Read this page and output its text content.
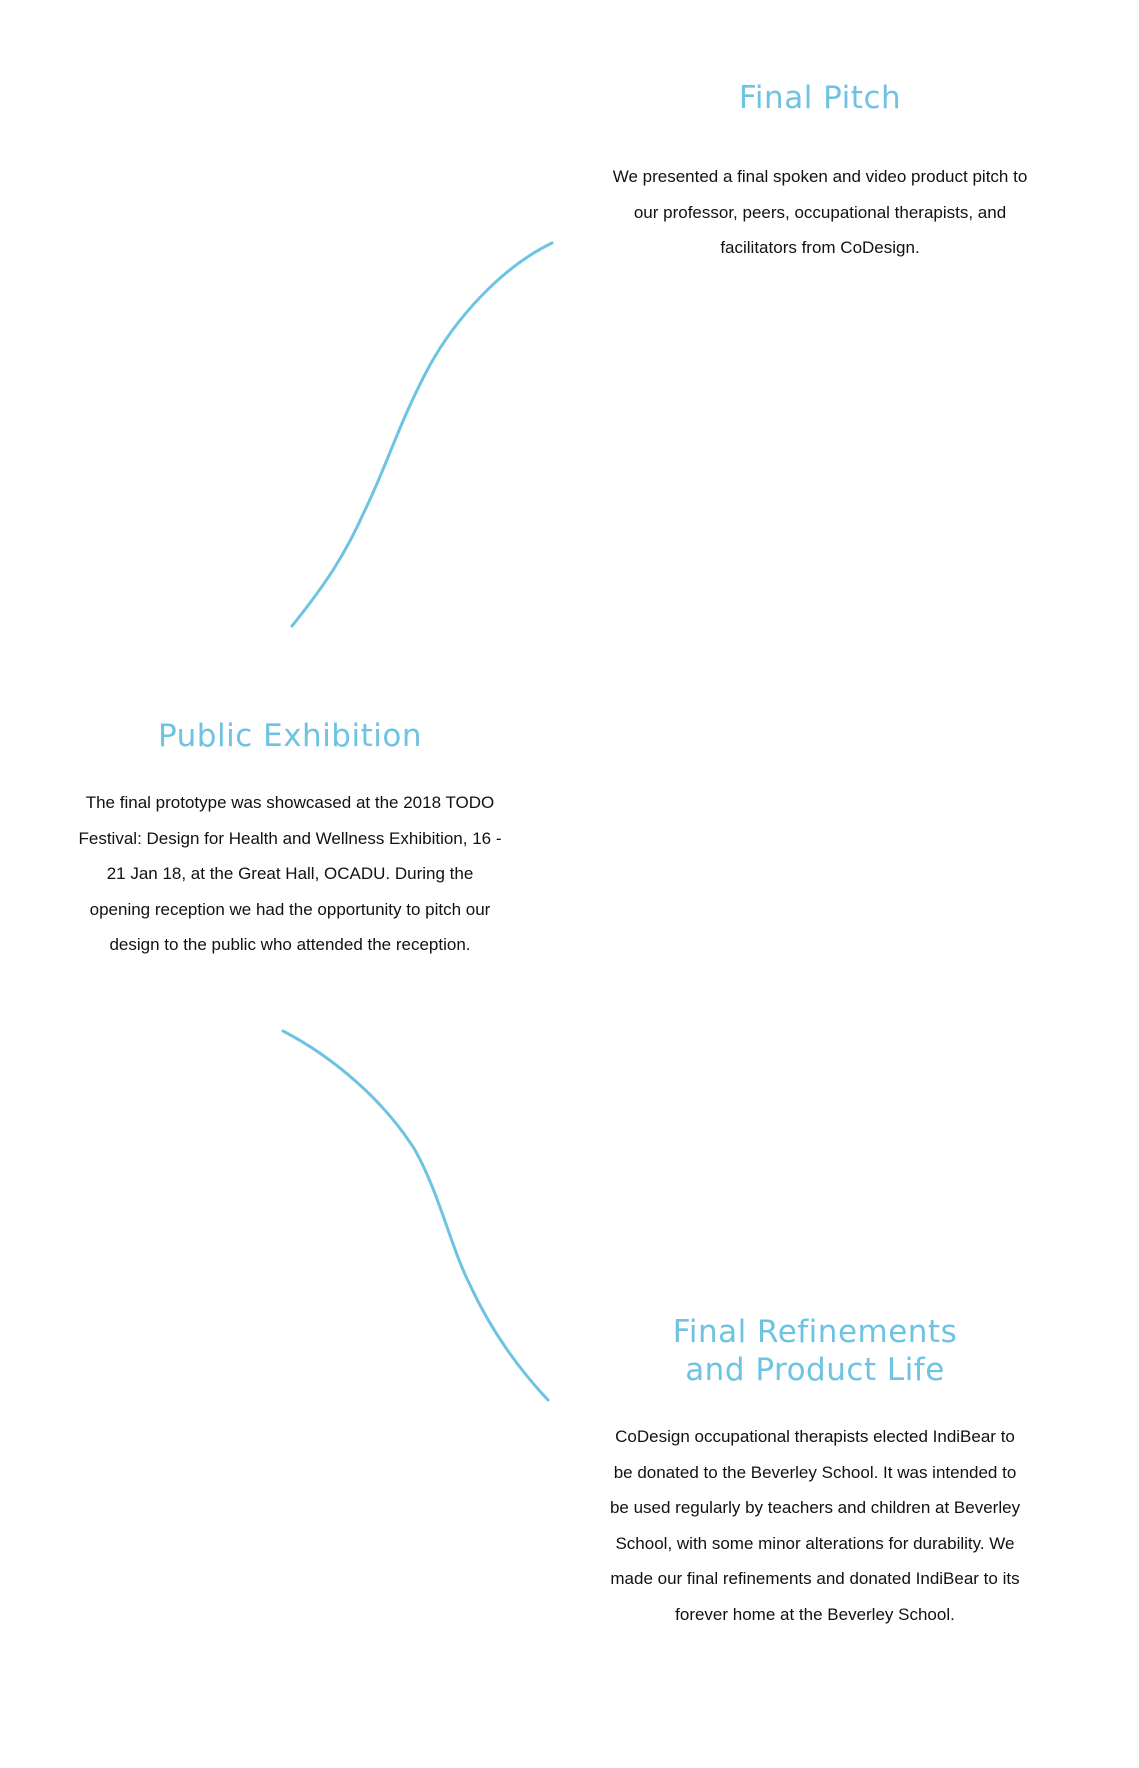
Final Pitch

We presented a final spoken and video product pitch to
our professor, peers, occupational therapists, and
facilitators from CoDesign.

Public Exhibition

The final prototype was showcased at the 2018 TODO
Festival: Design for Health and Wellness Exhibition, 16 -
21 Jan 18, at the Great Hall, OCADU. During the
opening reception we had the opportunity to pitch our
design to the public who attended the reception.

Final Refinements
and Product Life

CoDesign occupational therapists elected IndiBear to
be donated to the Beverley School. It was intended to
be used regularly by teachers and children at Beverley
School, with some minor alterations for durability. We
made our final refinements and donated IndiBear to its
forever home at the Beverley School.
